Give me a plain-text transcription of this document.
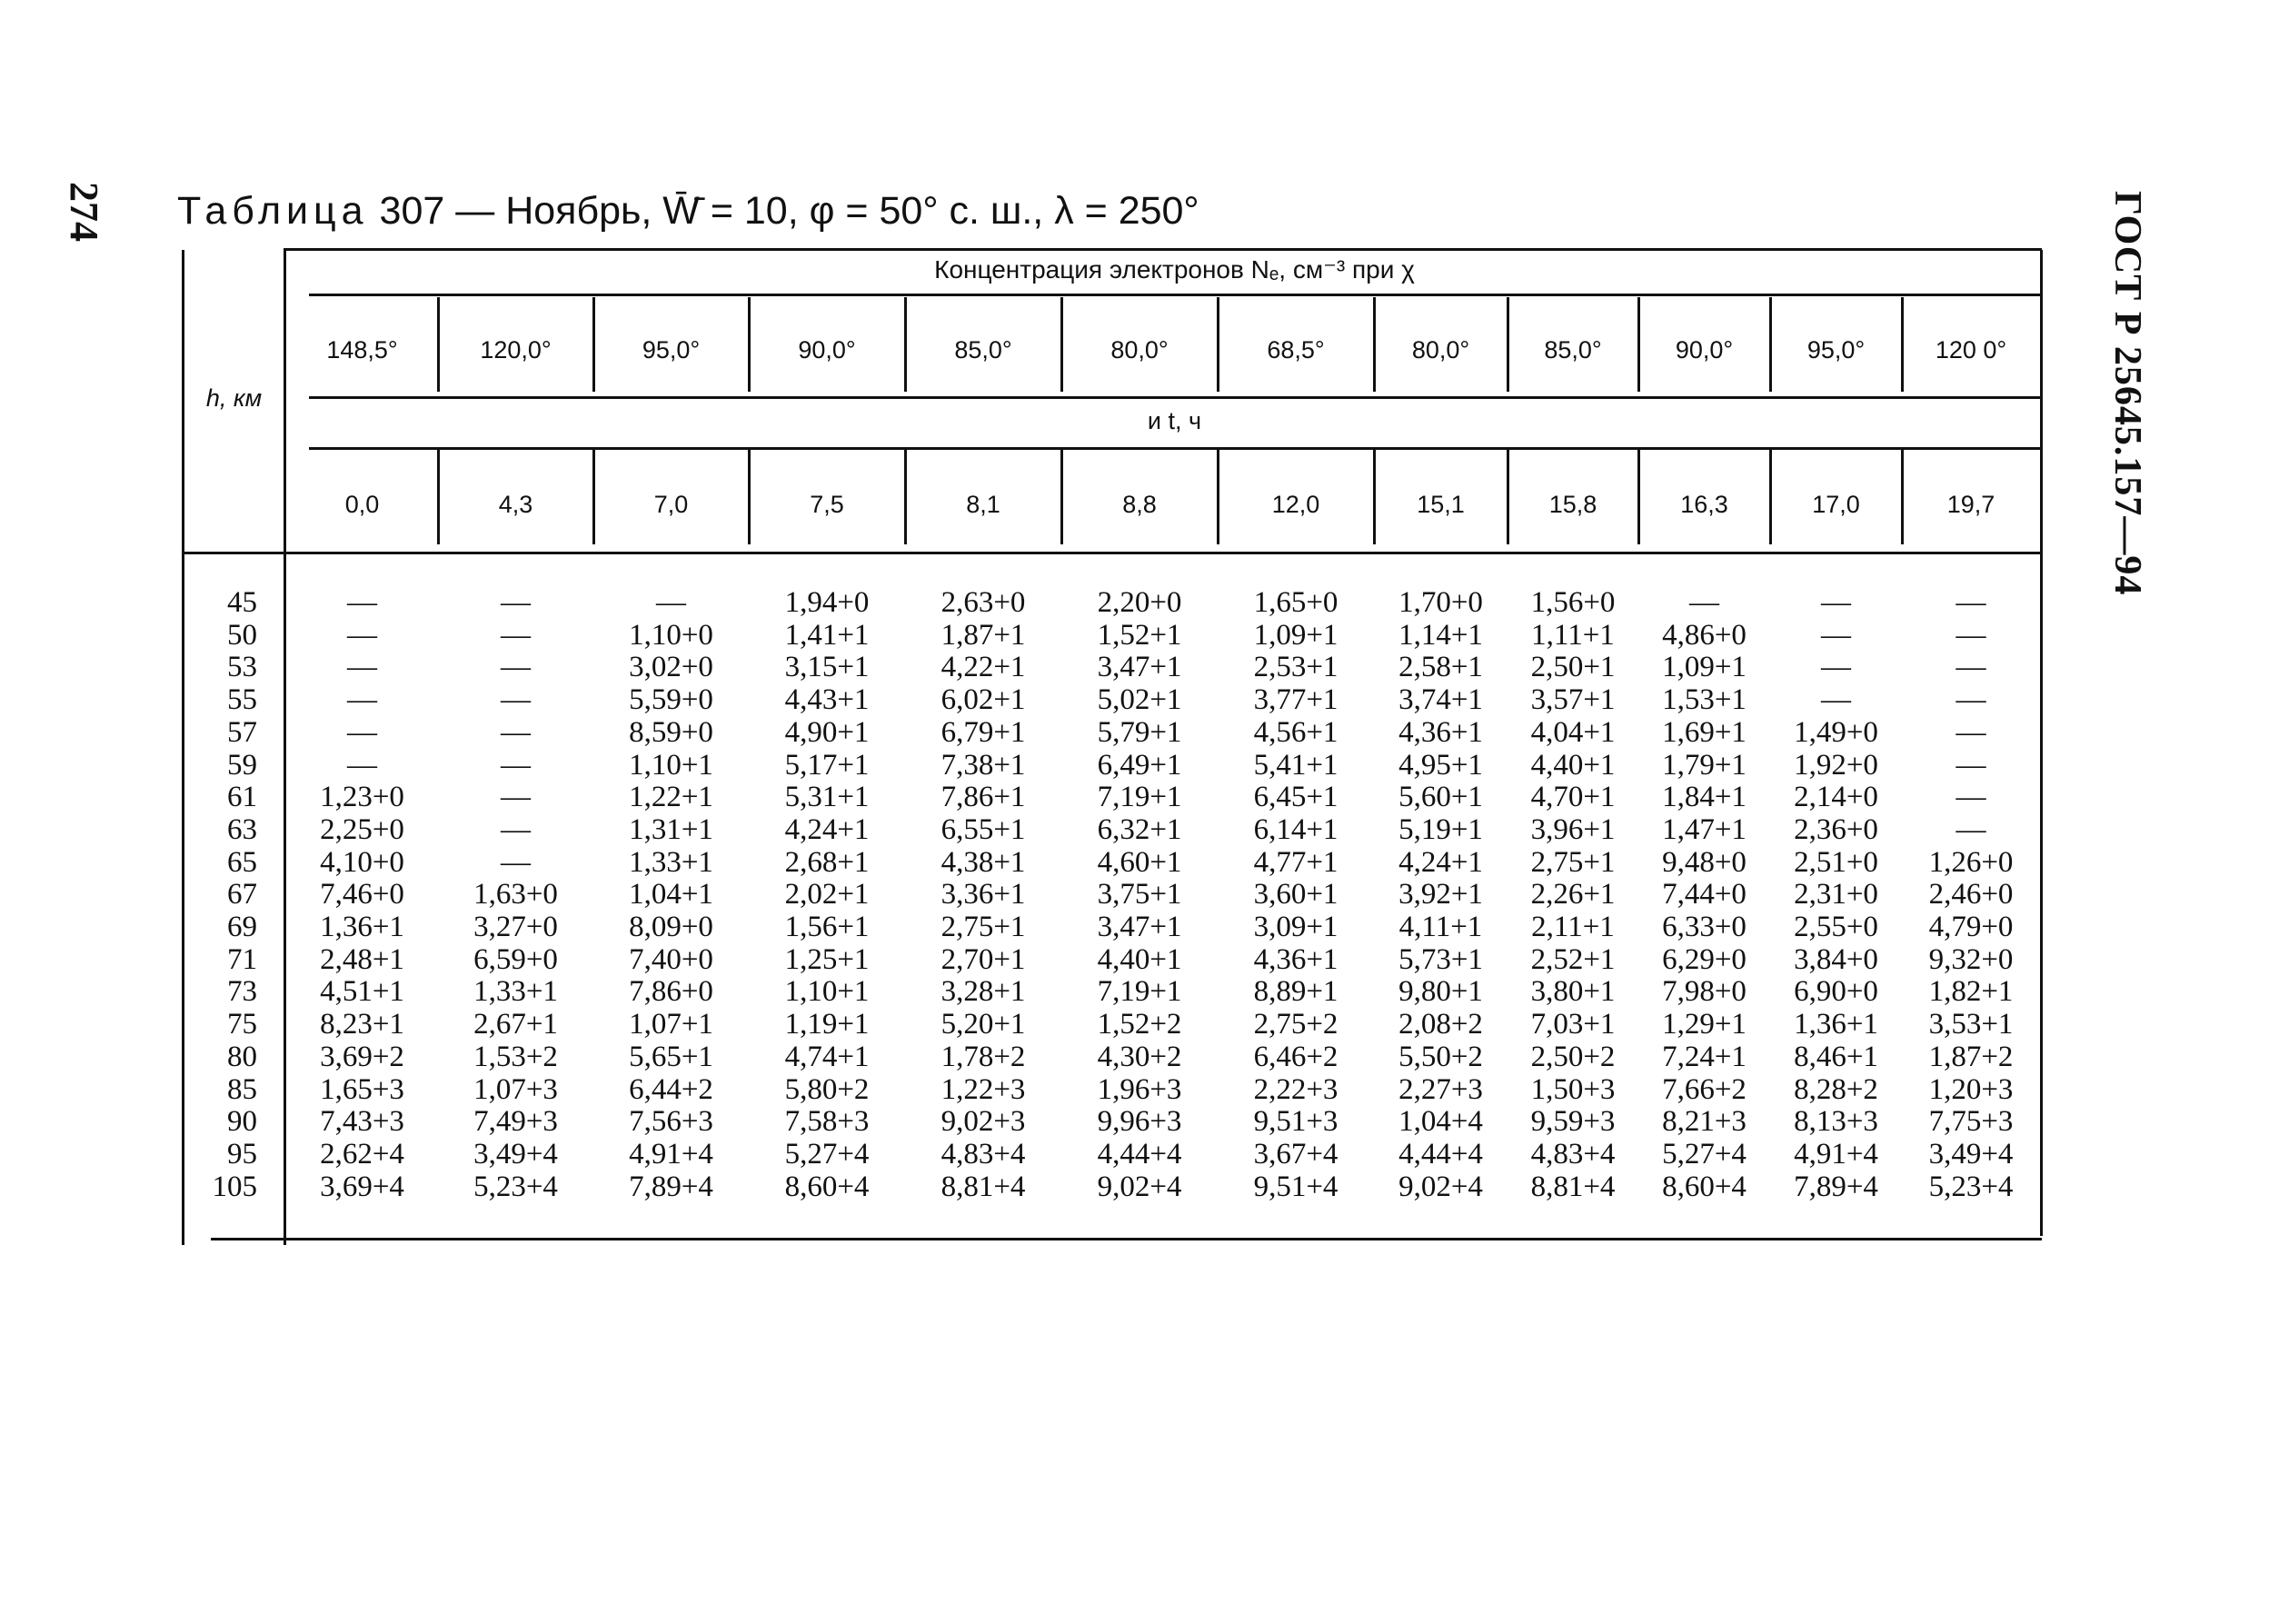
274	ГОСТ Р 25645.157—94
Таблица 307 — Ноябрь, W̄̄ = 10, φ = 50° с. ш., λ = 250°
h, км
Концентрация электронов Nₑ, см⁻³ при χ
и t, ч
148,5°	120,0°	95,0°	90,0°	85,0°	80,0°	68,5°	80,0°	85,0°	90,0°	95,0°	120 0°
0,0	4,3	7,0	7,5	8,1	8,8	12,0	15,1	15,8	16,3	17,0	19,7
45	—	—	—	1,94+0	2,63+0	2,20+0	1,65+0	1,70+0	1,56+0	—	—	—
50	—	—	1,10+0	1,41+1	1,87+1	1,52+1	1,09+1	1,14+1	1,11+1	4,86+0	—	—
53	—	—	3,02+0	3,15+1	4,22+1	3,47+1	2,53+1	2,58+1	2,50+1	1,09+1	—	—
55	—	—	5,59+0	4,43+1	6,02+1	5,02+1	3,77+1	3,74+1	3,57+1	1,53+1	—	—
57	—	—	8,59+0	4,90+1	6,79+1	5,79+1	4,56+1	4,36+1	4,04+1	1,69+1	1,49+0	—
59	—	—	1,10+1	5,17+1	7,38+1	6,49+1	5,41+1	4,95+1	4,40+1	1,79+1	1,92+0	—
61	1,23+0	—	1,22+1	5,31+1	7,86+1	7,19+1	6,45+1	5,60+1	4,70+1	1,84+1	2,14+0	—
63	2,25+0	—	1,31+1	4,24+1	6,55+1	6,32+1	6,14+1	5,19+1	3,96+1	1,47+1	2,36+0	—
65	4,10+0	—	1,33+1	2,68+1	4,38+1	4,60+1	4,77+1	4,24+1	2,75+1	9,48+0	2,51+0	1,26+0
67	7,46+0	1,63+0	1,04+1	2,02+1	3,36+1	3,75+1	3,60+1	3,92+1	2,26+1	7,44+0	2,31+0	2,46+0
69	1,36+1	3,27+0	8,09+0	1,56+1	2,75+1	3,47+1	3,09+1	4,11+1	2,11+1	6,33+0	2,55+0	4,79+0
71	2,48+1	6,59+0	7,40+0	1,25+1	2,70+1	4,40+1	4,36+1	5,73+1	2,52+1	6,29+0	3,84+0	9,32+0
73	4,51+1	1,33+1	7,86+0	1,10+1	3,28+1	7,19+1	8,89+1	9,80+1	3,80+1	7,98+0	6,90+0	1,82+1
75	8,23+1	2,67+1	1,07+1	1,19+1	5,20+1	1,52+2	2,75+2	2,08+2	7,03+1	1,29+1	1,36+1	3,53+1
80	3,69+2	1,53+2	5,65+1	4,74+1	1,78+2	4,30+2	6,46+2	5,50+2	2,50+2	7,24+1	8,46+1	1,87+2
85	1,65+3	1,07+3	6,44+2	5,80+2	1,22+3	1,96+3	2,22+3	2,27+3	1,50+3	7,66+2	8,28+2	1,20+3
90	7,43+3	7,49+3	7,56+3	7,58+3	9,02+3	9,96+3	9,51+3	1,04+4	9,59+3	8,21+3	8,13+3	7,75+3
95	2,62+4	3,49+4	4,91+4	5,27+4	4,83+4	4,44+4	3,67+4	4,44+4	4,83+4	5,27+4	4,91+4	3,49+4
105	3,69+4	5,23+4	7,89+4	8,60+4	8,81+4	9,02+4	9,51+4	9,02+4	8,81+4	8,60+4	7,89+4	5,23+4
